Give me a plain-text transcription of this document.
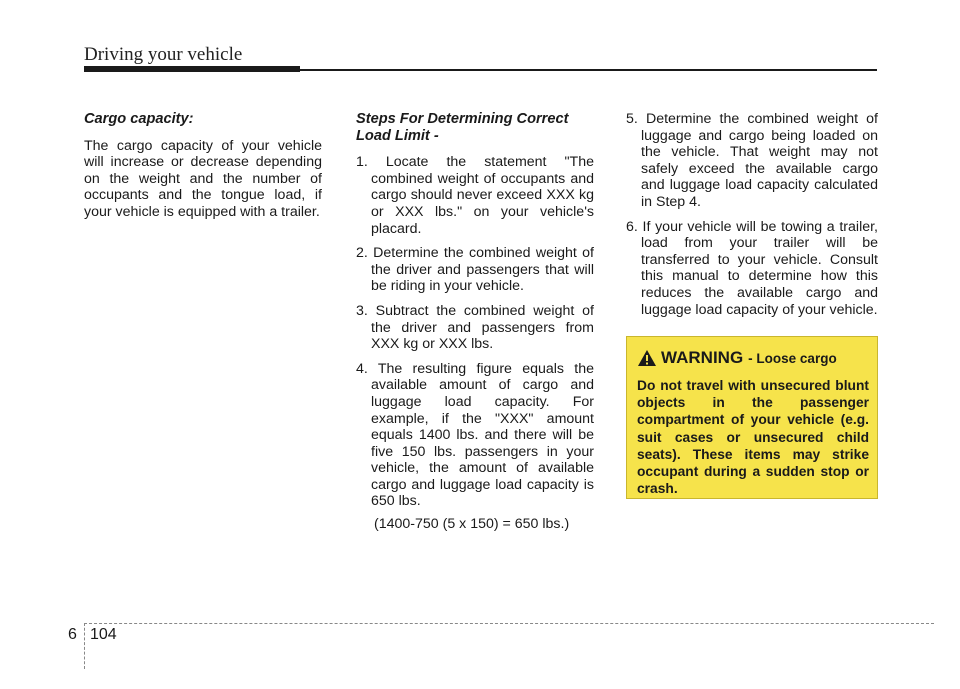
Driving your vehicle

Cargo capacity:

The cargo capacity of your vehicle will increase or decrease depending on the weight and the number of occupants and the tongue load, if your vehicle is equipped with a trailer.

Steps For Determining Correct
Load Limit -

1. Locate the statement "The combined weight of occupants and cargo should never exceed XXX kg or XXX lbs." on your vehicle's placard.
2. Determine the combined weight of the driver and passengers that will be riding in your vehicle.
3. Subtract the combined weight of the driver and passengers from XXX kg or XXX lbs.
4. The resulting figure equals the available amount of cargo and luggage load capacity. For example, if the "XXX" amount equals 1400 lbs. and there will be five 150 lbs. passengers in your vehicle, the amount of available cargo and luggage load capacity is 650 lbs.
(1400-750 (5 x 150) = 650 lbs.)
5. Determine the combined weight of luggage and cargo being loaded on the vehicle. That weight may not safely exceed the available cargo and luggage load capacity calculated in Step 4.
6. If your vehicle will be towing a trailer, load from your trailer will be transferred to your vehicle. Consult this manual to determine how this reduces the available cargo and luggage load capacity of your vehicle.
WARNING - Loose cargo
Do not travel with unsecured blunt objects in the passenger compartment of your vehicle (e.g. suit cases or unsecured child seats). These items may strike occupant during a sudden stop or crash.
6 104
